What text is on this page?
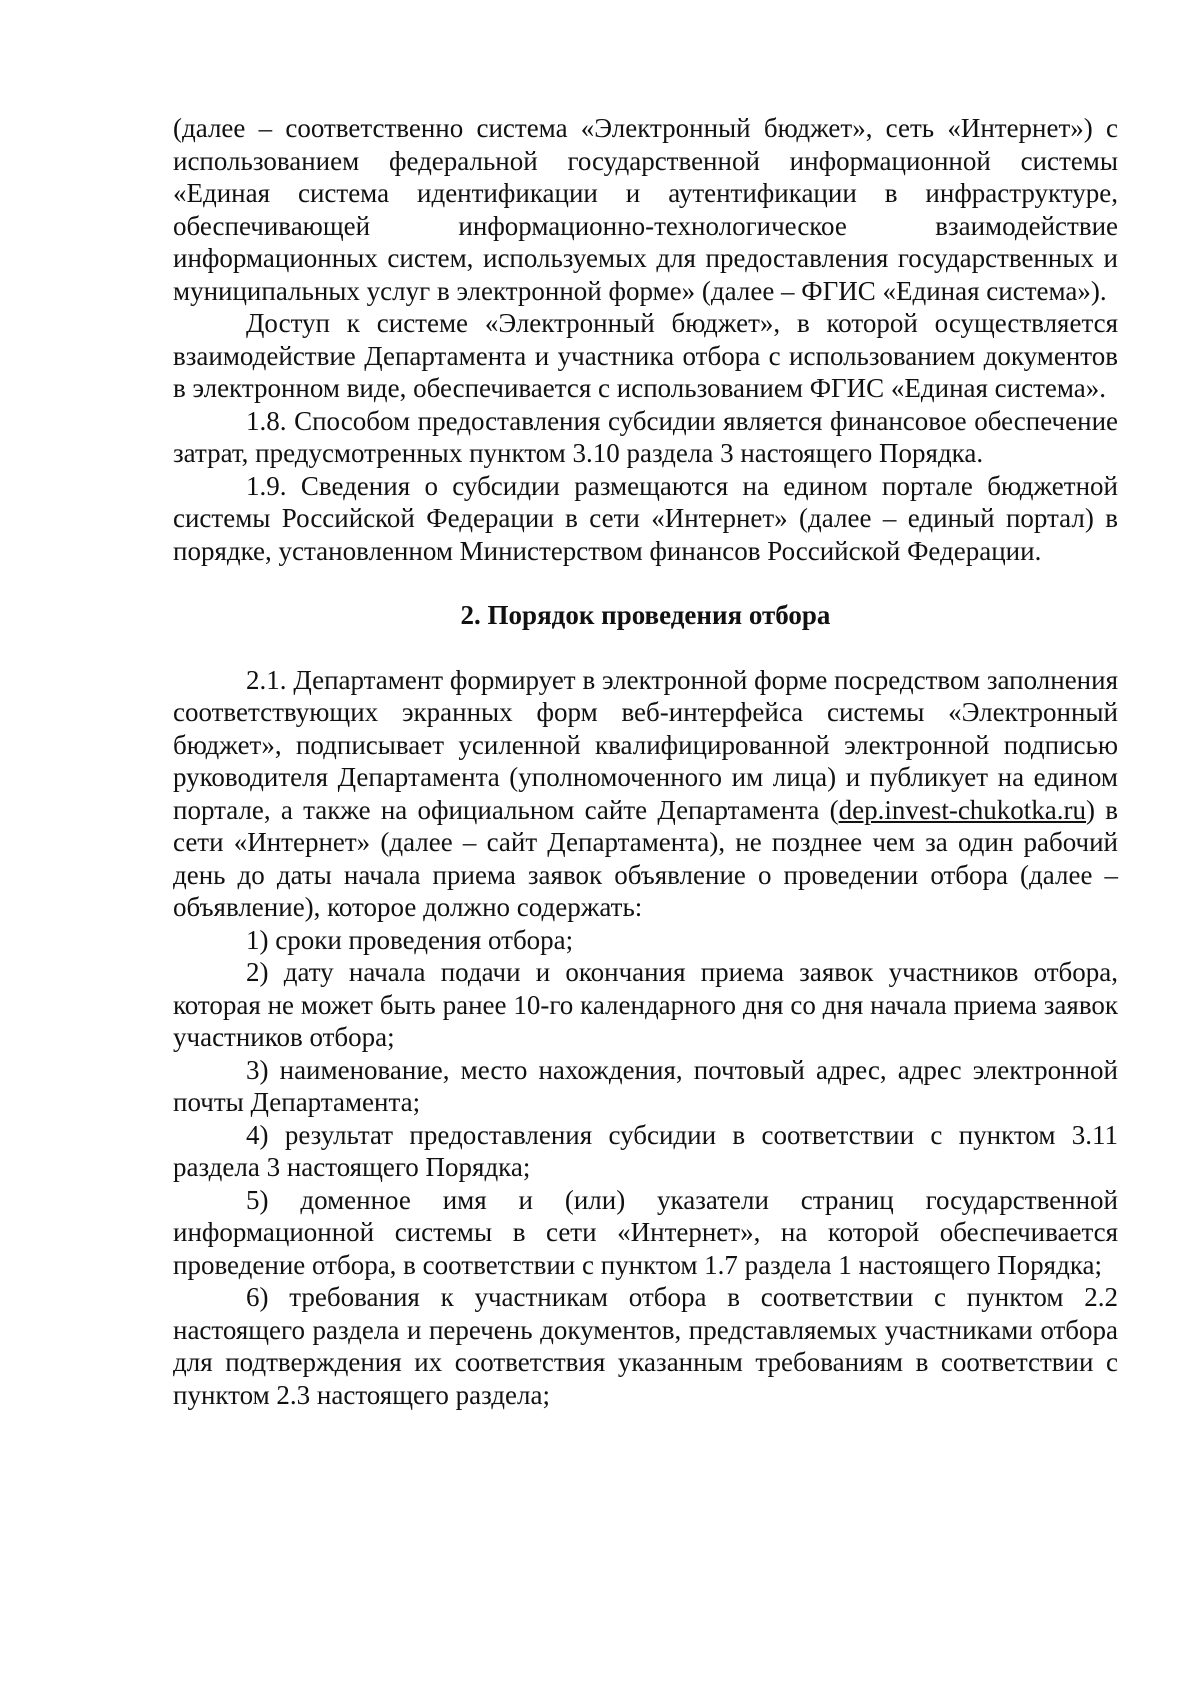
(далее – соответственно система «Электронный бюджет», сеть «Интернет») с использованием федеральной государственной информационной системы «Единая система идентификации и аутентификации в инфраструктуре, обеспечивающей информационно-технологическое взаимодействие информационных систем, используемых для предоставления государственных и муниципальных услуг в электронной форме» (далее – ФГИС «Единая система»).

Доступ к системе «Электронный бюджет», в которой осуществляется взаимодействие Департамента и участника отбора с использованием документов в электронном виде, обеспечивается с использованием ФГИС «Единая система».

1.8. Способом предоставления субсидии является финансовое обеспечение затрат, предусмотренных пунктом 3.10 раздела 3 настоящего Порядка.

1.9. Сведения о субсидии размещаются на едином портале бюджетной системы Российской Федерации в сети «Интернет» (далее – единый портал) в порядке, установленном Министерством финансов Российской Федерации.

2. Порядок проведения отбора

2.1. Департамент формирует в электронной форме посредством заполнения соответствующих экранных форм веб-интерфейса системы «Электронный бюджет», подписывает усиленной квалифицированной электронной подписью руководителя Департамента (уполномоченного им лица) и публикует на едином портале, а также на официальном сайте Департамента (dep.invest-chukotka.ru) в сети «Интернет» (далее – сайт Департамента), не позднее чем за один рабочий день до даты начала приема заявок объявление о проведении отбора (далее – объявление), которое должно содержать:

1) сроки проведения отбора;

2) дату начала подачи и окончания приема заявок участников отбора, которая не может быть ранее 10-го календарного дня со дня начала приема заявок участников отбора;

3) наименование, место нахождения, почтовый адрес, адрес электронной почты Департамента;

4) результат предоставления субсидии в соответствии с пунктом 3.11 раздела 3 настоящего Порядка;

5) доменное имя и (или) указатели страниц государственной информационной системы в сети «Интернет», на которой обеспечивается проведение отбора, в соответствии с пунктом 1.7 раздела 1 настоящего Порядка;

6) требования к участникам отбора в соответствии с пунктом 2.2 настоящего раздела и перечень документов, представляемых участниками отбора для подтверждения их соответствия указанным требованиям в соответствии с пунктом 2.3 настоящего раздела;
